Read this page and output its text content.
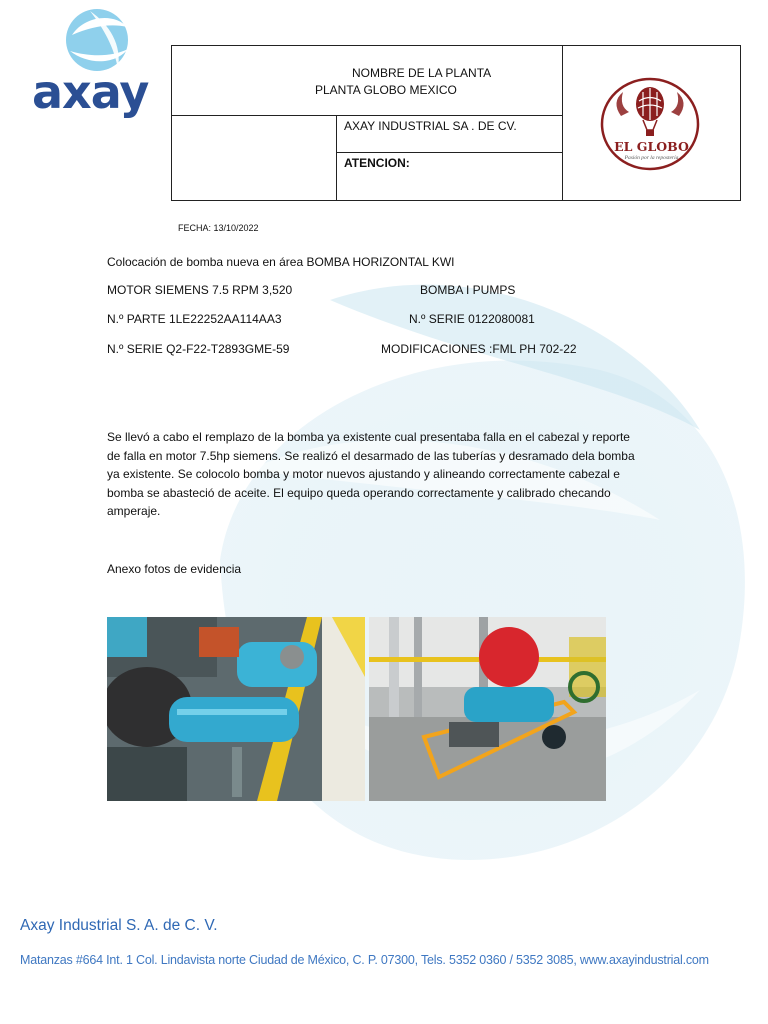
axay	NOMBRE DE LA PLANTA
PLANTA GLOBO MEXICO
FECHA: 13/10/2022
AXAY INDUSTRIAL SA . DE CV.
ATENCION:
EL GLOBO
Pasión por la repostería
Colocación de bomba nueva en área BOMBA HORIZONTAL KWI
MOTOR SIEMENS 7.5 RPM 3,520	BOMBA I PUMPS
N.º PARTE 1LE22252AA114AA3	N.º SERIE 0122080081
N.º SERIE Q2-F22-T2893GME-59	MODIFICACIONES :FML PH 702-22
Se llevó a cabo el remplazo de la bomba ya existente cual presentaba falla en el cabezal y reporte
de falla en motor 7.5hp siemens. Se realizó el desarmado de las tuberías y desramado dela bomba
ya existente. Se colocolo bomba y motor nuevos ajustando y alineando correctamente cabezal e
bomba se abasteció de aceite. El equipo queda operando correctamente y calibrado checando
amperaje.
Anexo fotos de evidencia
Axay Industrial S. A. de C. V.
Matanzas #664 Int. 1 Col. Lindavista norte Ciudad de México, C. P. 07300, Tels. 5352 0360 / 5352 3085, www.axayindustrial.com
